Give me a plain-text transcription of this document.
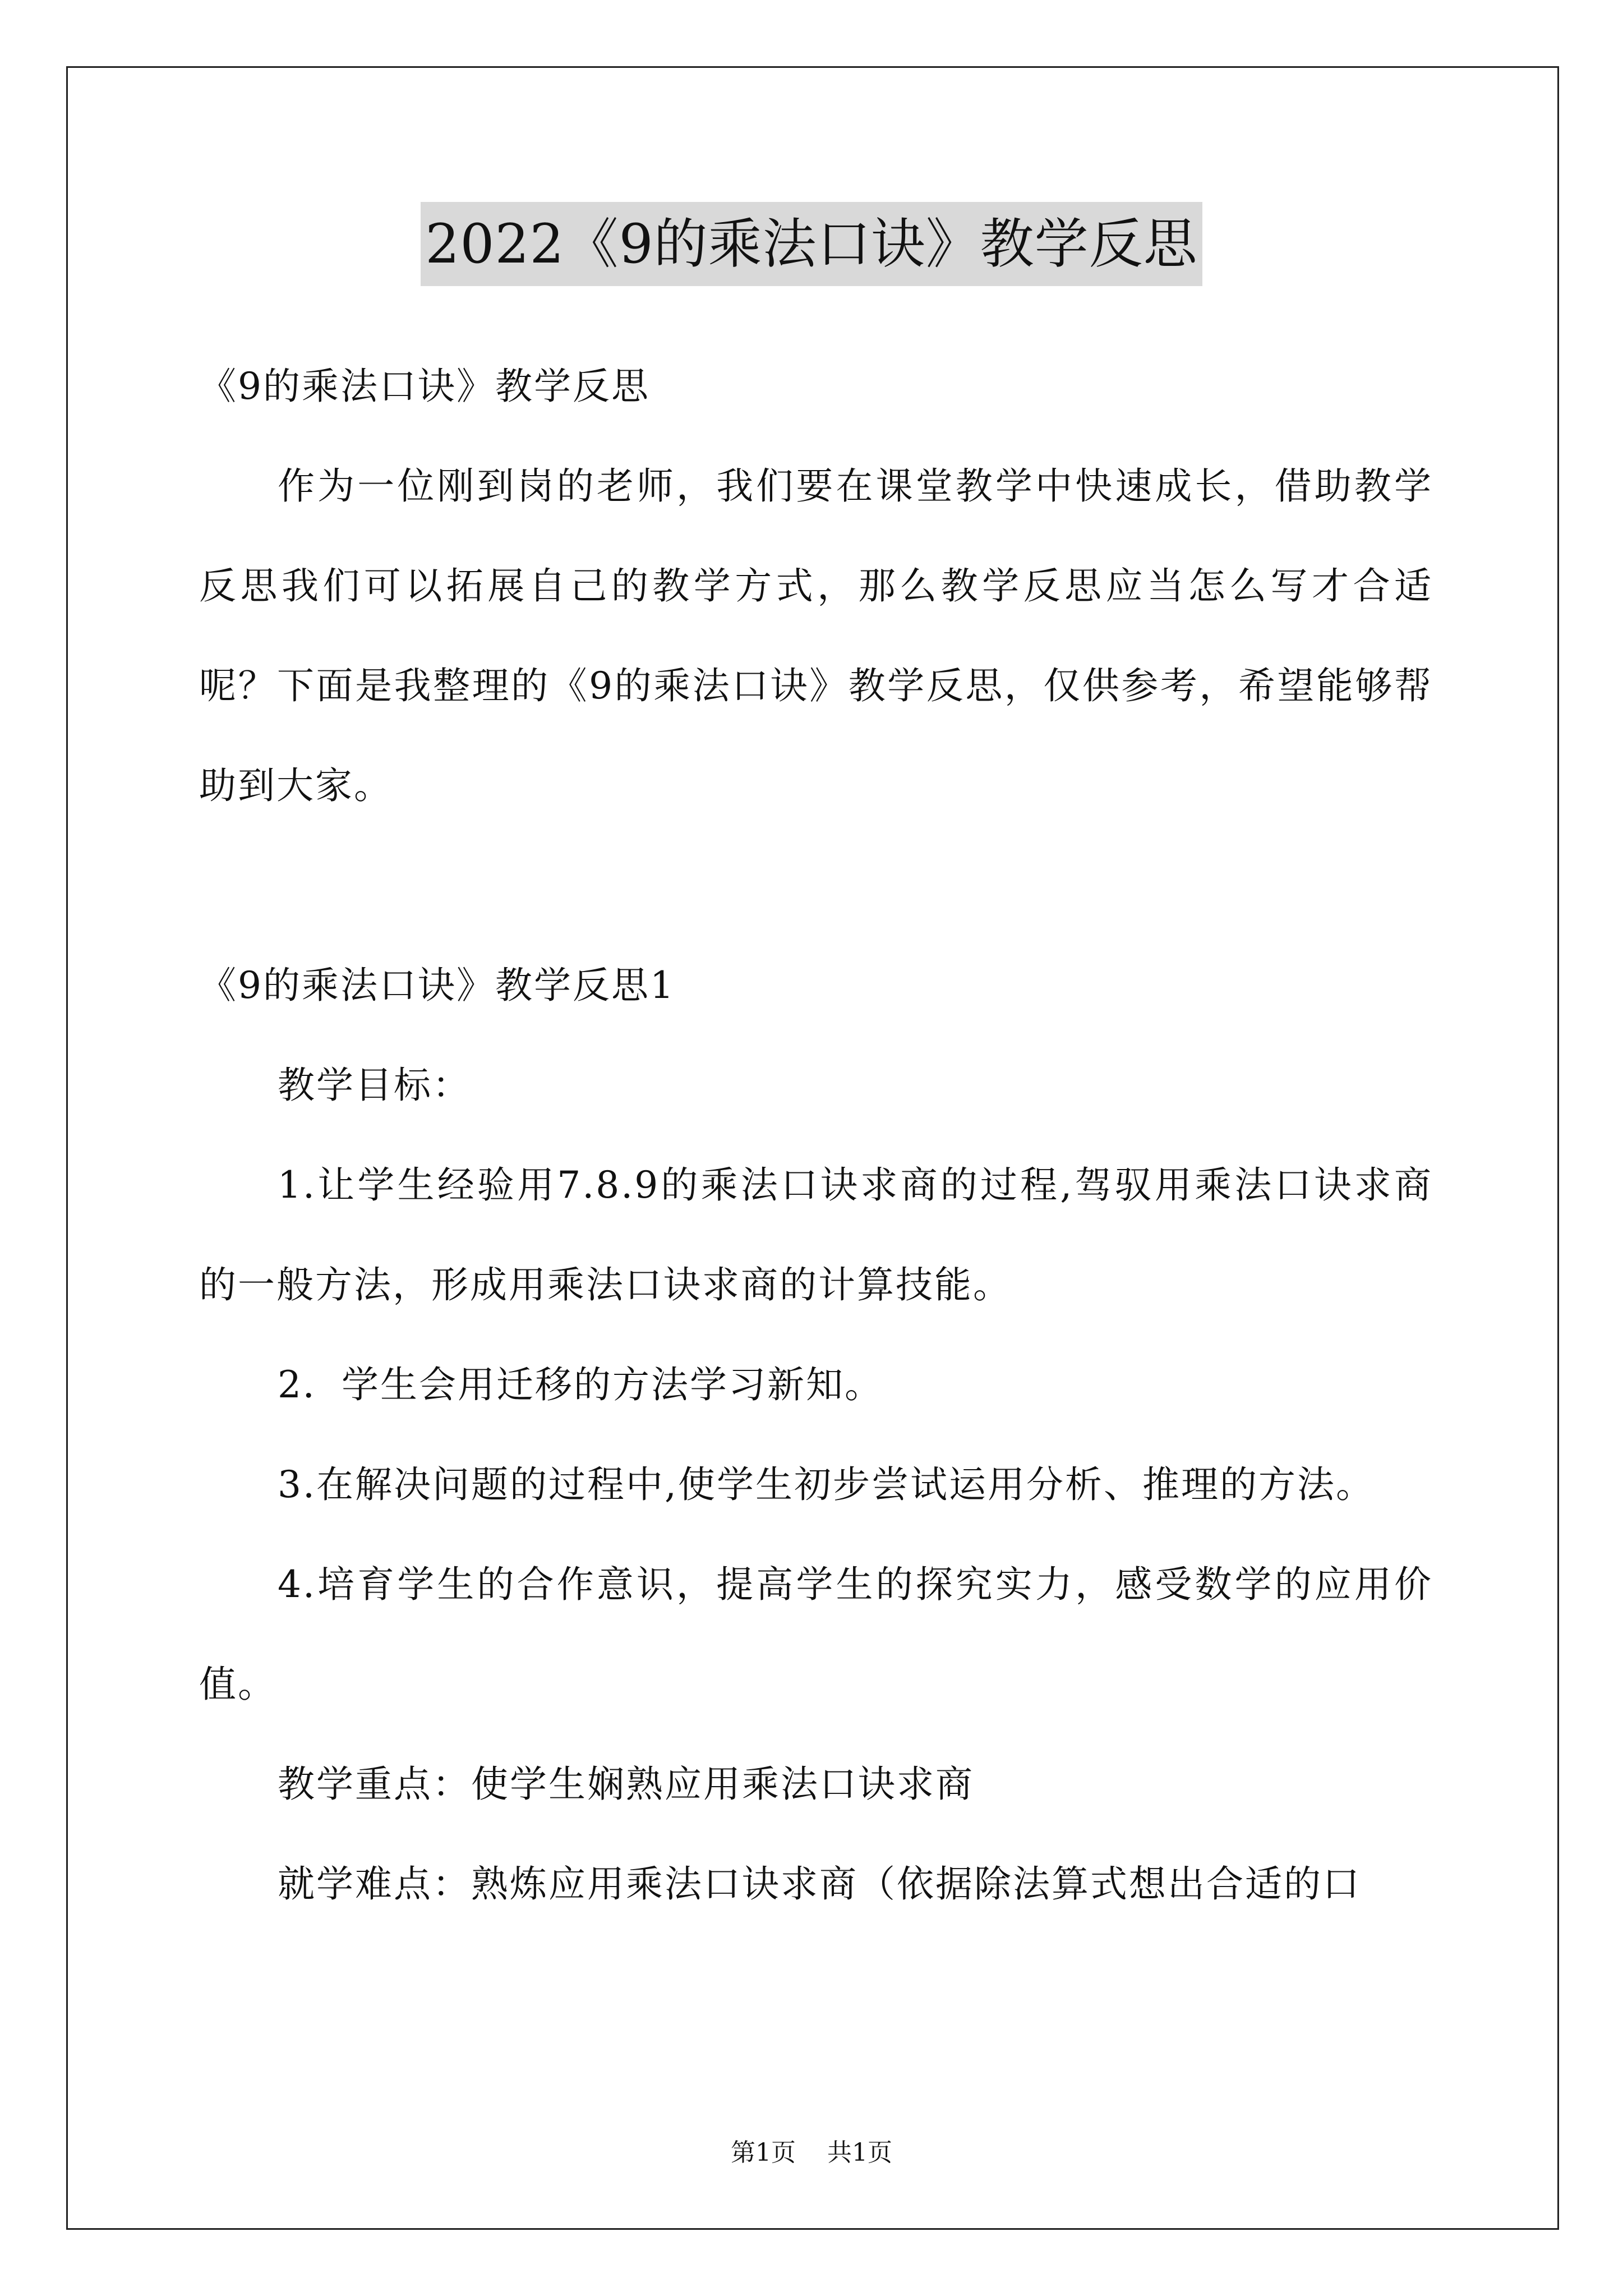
2022《9的乘法口诀》教学反思
《9的乘法口诀》教学反思
作为一位刚到岗的老师，我们要在课堂教学中快速成长，借助教学反思我们可以拓展自己的教学方式，那么教学反思应当怎么写才合适呢？下面是我整理的《9的乘法口诀》教学反思，仅供参考，希望能够帮助到大家。
《9的乘法口诀》教学反思1
教学目标：
1.让学生经验用7.8.9的乘法口诀求商的过程,驾驭用乘法口诀求商的一般方法，形成用乘法口诀求商的计算技能。
2．学生会用迁移的方法学习新知。
3.在解决问题的过程中,使学生初步尝试运用分析、推理的方法。
4.培育学生的合作意识，提高学生的探究实力，感受数学的应用价值。
教学重点：使学生娴熟应用乘法口诀求商
就学难点：熟炼应用乘法口诀求商（依据除法算式想出合适的口
第1页 共1页
